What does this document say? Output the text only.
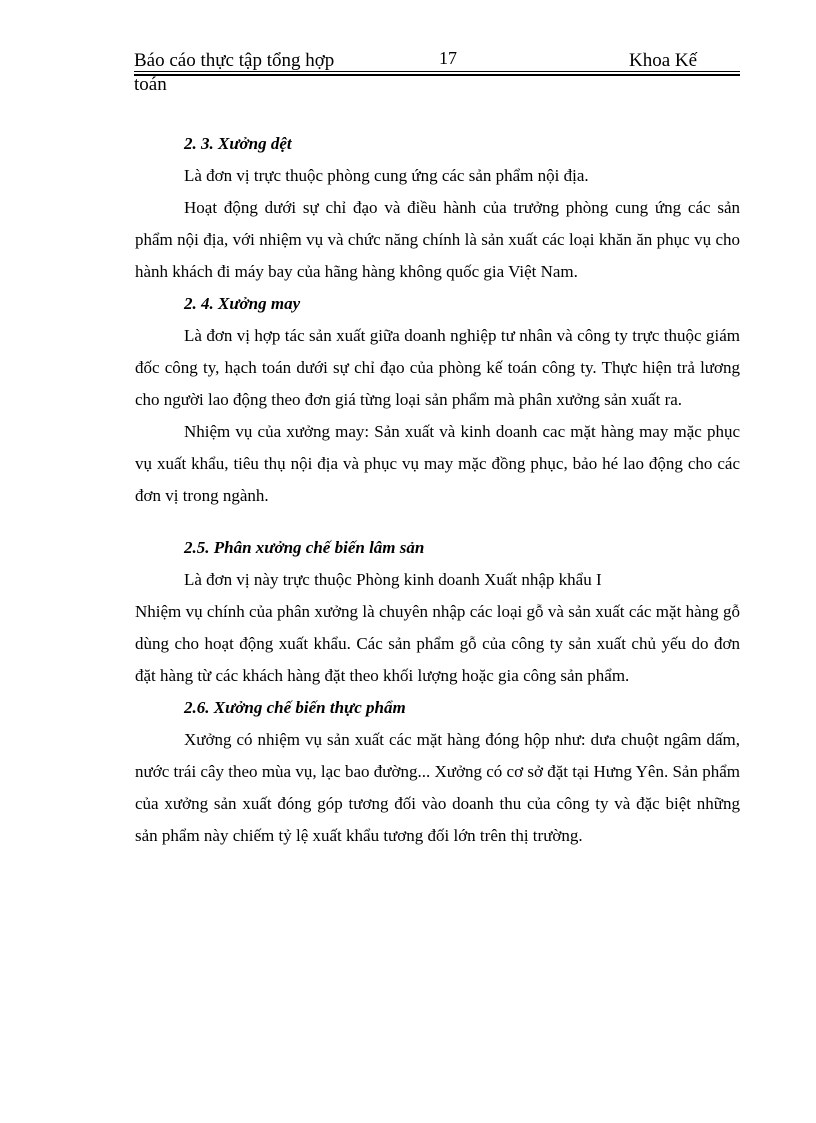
Báo cáo thực tập tổng hợp	17	Khoa Kế
toán
2. 3. Xưởng dệt

Là đơn vị trực thuộc phòng cung ứng các sản phẩm nội địa.

Hoạt động dưới sự chỉ đạo và điều hành của trưởng phòng cung ứng các sản phẩm nội địa, với nhiệm vụ và chức năng chính là sản xuất các loại khăn ăn phục vụ cho hành khách đi máy bay của hãng hàng không quốc gia Việt Nam.

2. 4. Xưởng may

Là đơn vị hợp tác sản xuất giữa doanh nghiệp tư nhân và công ty trực thuộc giám đốc công ty, hạch toán dưới sự chỉ đạo của phòng kế toán công ty. Thực hiện trả lương cho người lao động theo đơn giá từng loại sản phẩm mà phân xưởng sản xuất ra.

Nhiệm vụ của xưởng may: Sản xuất và kinh doanh cac mặt hàng may mặc phục vụ xuất khẩu, tiêu thụ nội địa và phục vụ may mặc đồng phục, bảo hé lao động cho các đơn vị trong ngành.

2.5. Phân xưởng chế biến lâm sản

Là đơn vị này trực thuộc Phòng kinh doanh Xuất nhập khẩu I

Nhiệm vụ chính của phân xưởng là chuyên nhập các loại gỗ và sản xuất các mặt hàng gỗ dùng cho hoạt động xuất khẩu. Các sản phẩm gỗ của công ty sản xuất chủ yếu do đơn đặt hàng từ các khách hàng đặt theo khối lượng hoặc gia công sản phẩm.

2.6. Xưởng chế biến thực phẩm

Xưởng có nhiệm vụ sản xuất các mặt hàng đóng hộp như: dưa chuột ngâm dấm, nước trái cây theo mùa vụ, lạc bao đường... Xưởng có cơ sở đặt tại Hưng Yên. Sản phẩm của xưởng sản xuất đóng góp tương đối vào doanh thu của công ty và đặc biệt những sản phẩm này chiếm tỷ lệ xuất khẩu tương đối lớn trên thị trường.
